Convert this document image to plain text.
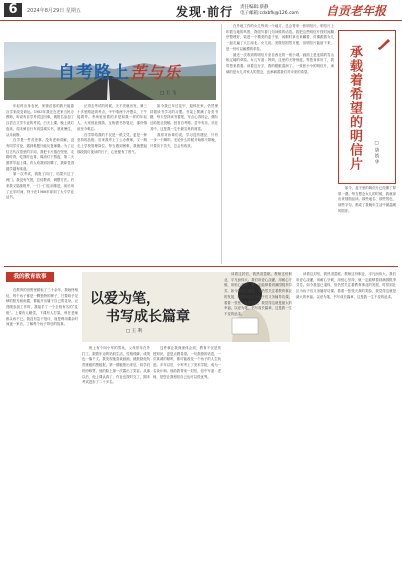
6	2024年8月29日 星期五	发现·前行 责任编辑:蔡静
电子邮箱:cdxbfk@126.com 自贡老年报
自考路上苦与乐

年轻时出身农民，家境贫寒的我只能靠自学来改变命运。1983年我还在老家当民办教师，听说有自学考试这回事，就报名参加了汉语言文学专业的考试。白天上课，晚上挑灯夜读，周末骑自行车到县城买书，寒来暑往，从未间断。

自学是一件苦差事。没有老师讲解，没有同学讨论，遇到难题只能反复琢磨。为了记住古代汉语里的字词，我把卡片揣在兜里，走路时背，吃饭时也背。煤油灯下熬夜，第二天照样早起上课。有人劝我别折腾了，我却觉得越学越有味道。

第一次考试，我报了四门，结果只过了两门。我没有气馁，总结教训，调整方法。后来我又陆续报考，一门一门往前推进，前后用了五年时间，终于在1988年拿到了大专毕业证书。

记得去考试的时候，天不亮就出发，骑三十多里路赶到考点，中午啃两个冷馒头，下午接着考。考场里坐着的多是和我一样的年轻人，大家彼此鼓励，互相借书抄笔记，那份情谊至今难忘。

自学带给我的不仅是一纸文凭，更是一种坚持的品格。后来我考上了公办教师，又一路走上学校管理岗位。每当遇到困难，我就想起那段挑灯夜读的日子，心里便有了底气。

如今我已年过花甲，退休在家，仍然保持着读书学习的习惯。书架上摆满了各类书籍，每天坚持读书看报，写点心得体会，偶尔还给报社投稿。回首自考路，苦中有乐，乐在其中，这是我一生中最宝贵的财富。

我常对孙辈们说，学习没有捷径，只有一步一个脚印。无论什么时候开始都不算晚，只要肯下功夫，总会有收获。

□ 王 飞

在外地工作的女儿每到一个地方，总会寄来一张明信片。明信片上印着当地的风景，背面写着几句问候的话语。我把这些明信片按时间顺序整理好，装进一个精美的盒子里，闲暇时拿出来翻看，仿佛跟着女儿一起走遍了大江南北。女儿说，发微信固然方便，但明信片能留下来，是一份可以触摸的牵挂。

最近一次收到的明信片来自西北的一座小城，画面上是连绵的雪山和辽阔的草原。女儿写道：妈妈，这里的天特别蓝，等您身体好了，我带您来看看。读着这行字，我的眼眶湿润了。一张张小小的明信片，承载的是女儿对家人的思念，也承载着我们对未来的希望。	承载着希望的明信片	□ 唐 娇 华

如今，盒子里的明信片已经攒了厚厚一叠。每当想念女儿的时候，我就拿出来细细品读。那些地名、那些景色、那些字句，都成了我晚年生活中最温暖的陪伴。

我的教育故事

在教育的田野里耕耘了三十余年，我始终相信，每个孩子都是一颗独特的种子，只要给予足够的阳光和雨露，都能开出属于自己的花朵。记得刚参加工作时，我接手了一个全校有名的“乱班”。上课有人睡觉，下课有人打架，科任老师都头疼不已。我没有急于批评，而是利用课余时间逐一家访，了解每个孩子背后的故事。

以爱为笔，
书写成长篇章
□ 王 利

班上有个叫小军的男孩，父母常年在外打工，跟着年迈的奶奶生活，性格孤僻，成绩也一落千丈。我发现他喜欢画画，就鼓励他负责班级的黑板报。第一期板报出来后，同学们纷纷称赞，他的脸上第一次露出了笑容。从那以后，他上课认真了，作业也按时交了，期末考试进步了二十多名。

这件事让我深深体会到，教育不仅是传授知识，更是点燃希望。一句鼓励的话语，一次真诚的倾听，都可能改变一个孩子的人生轨迹。多年以后，小军考上了美术学院，成为一名设计师。他给我寄来一封信，信中写道：老师，是您让我相信自己也可以很优秀。

读着这封信，我热泪盈眶。教师这份职业，平凡而伟大。我们用爱心浇灌，用耐心守候，用恒心坚持，就一定能够看到满园桃李芬芳。如今我虽已退休，但仍然关注着教育事业的发展，时常到社区为孩子们义务辅导功课。看着一张张天真的笑脸，我觉得这就是最大的幸福。以爱为笔，书写成长篇章，这是我一生不变的追求。

读着这封信，我热泪盈眶。教师这份职业，平凡而伟大。我们用爱心浇灌，用耐心守候，用恒心坚持，就一定能够看到满园桃李芬芳。如今我虽已退休，但仍然关注着教育事业的发展，时常到社区为孩子们义务辅导功课。看着一张张天真的笑脸，我觉得这就是最大的幸福。以爱为笔，书写成长篇章，这是我一生不变的追求。
